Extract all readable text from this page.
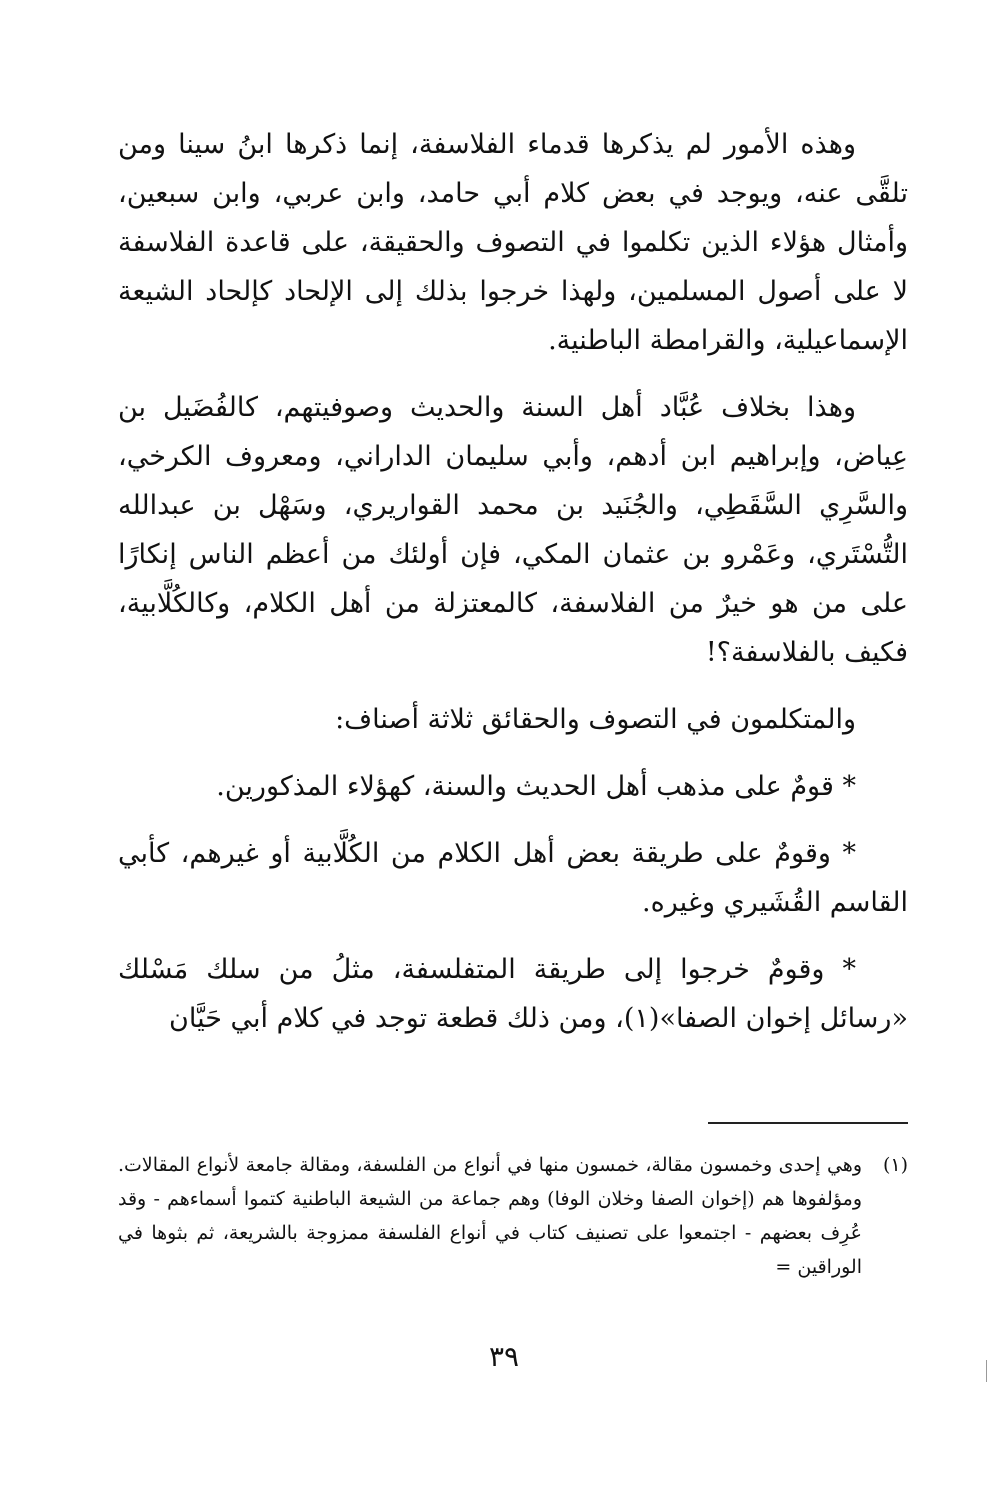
وهذه الأمور لم يذكرها قدماء الفلاسفة، إنما ذكرها ابنُ سينا ومن تلقَّى عنه، ويوجد في بعض كلام أبي حامد، وابن عربي، وابن سبعين، وأمثال هؤلاء الذين تكلموا في التصوف والحقيقة، على قاعدة الفلاسفة لا على أصول المسلمين، ولهذا خرجوا بذلك إلى الإلحاد كإلحاد الشيعة الإسماعيلية، والقرامطة الباطنية.

وهذا بخلاف عُبَّاد أهل السنة والحديث وصوفيتهم، كالفُضَيل بن عِياض، وإبراهيم ابن أدهم، وأبي سليمان الداراني، ومعروف الكرخي، والسَّرِي السَّقَطِي، والجُنَيد بن محمد القواريري، وسَهْل بن عبدالله التُّسْتَري، وعَمْرو بن عثمان المكي، فإن أولئك من أعظم الناس إنكارًا على من هو خيرٌ من الفلاسفة، كالمعتزلة من أهل الكلام، وكالكُلَّابية، فكيف بالفلاسفة؟!

والمتكلمون في التصوف والحقائق ثلاثة أصناف:

* قومٌ على مذهب أهل الحديث والسنة، كهؤلاء المذكورين.

* وقومٌ على طريقة بعض أهل الكلام من الكُلَّابية أو غيرهم، كأبي القاسم القُشَيري وغيره.

* وقومٌ خرجوا إلى طريقة المتفلسفة، مثلُ من سلك مَسْلك «رسائل إخوان الصفا»(١)، ومن ذلك قطعة توجد في كلام أبي حَيَّان

(١)
وهي إحدى وخمسون مقالة، خمسون منها في أنواع من الفلسفة، ومقالة جامعة لأنواع المقالات. ومؤلفوها هم (إخوان الصفا وخلان الوفا) وهم جماعة من الشيعة الباطنية كتموا أسماءهم - وقد عُرِف بعضهم - اجتمعوا على تصنيف كتاب في أنواع الفلسفة ممزوجة بالشريعة، ثم بثوها في الوراقين =
٣٩
